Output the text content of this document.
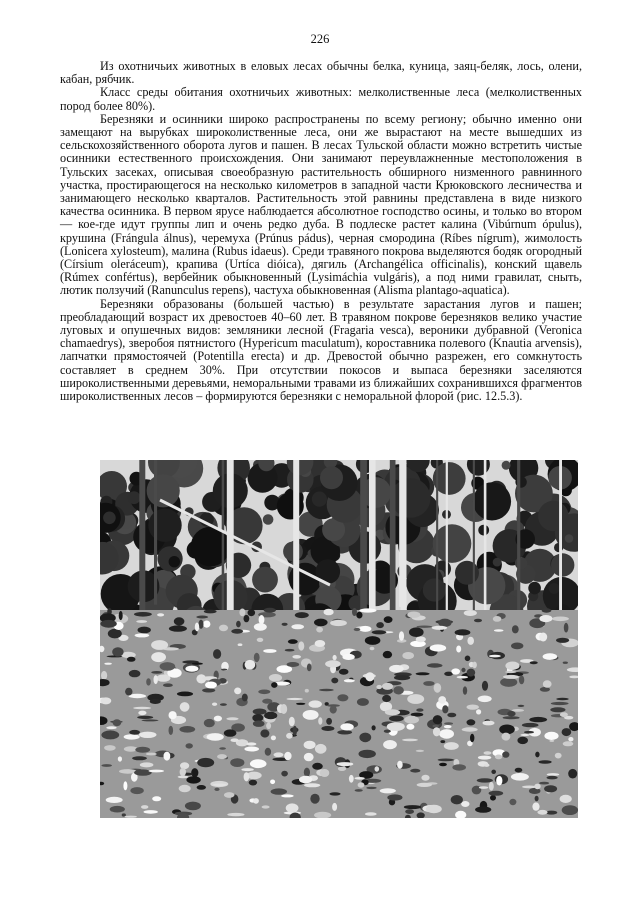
226

Из охотничьих животных в еловых лесах обычны белка, куница, заяц-беляк, лось, олени, кабан, рябчик.

Класс среды обитания охотничьих животных: мелколиственные леса (мелколиственных пород более 80%).

Березняки и осинники широко распространены по всему региону; обычно именно они замещают на вырубках широколиственные леса, они же вырастают на месте вышедших из сельскохозяйственного оборота лугов и пашен. В лесах Тульской области можно встретить чистые осинники естественного происхождения. Они занимают переувлажненные местоположения в Тульских засеках, описывая своеобразную растительность обширного низменного равнинного участка, простирающегося на несколько километров в западной части Крюковского лесничества и занимающего несколько кварталов. Растительность этой равнины представлена в виде низкого качества осинника. В первом ярусе наблюдается абсолютное господство осины, и только во втором — кое-где идут группы лип и очень редко дуба. В подлеске растет калина (Vibúrnum ópulus), крушина (Frángula álnus), черемуха (Prúnus pádus), черная смородина (Ríbes nígrum), жимолость (Lonicera xylosteum), малина (Rubus idaeus). Среди травяного покрова выделяются бодяк огородный (Círsium oleráceum), крапива (Urtíca dióica), дягиль (Archangélica officinalis), конский щавель (Rúmex confértus), вербейник обыкновенный (Lysimáchia vulgáris), а под ними гравилат, сныть, лютик ползучий (Ranunculus repens), частуха обыкновенная (Alisma plantago-aquatica).

Березняки образованы (большей частью) в результате зарастания лугов и пашен; преобладающий возраст их древостоев 40–60 лет. В травяном покрове березняков велико участие луговых и опушечных видов: земляники лесной (Fragaria vesca), вероники дубравной (Veronica chamaedrys), зверобоя пятнистого (Hypericum maculatum), короставника полевого (Knautia arvensis), лапчатки прямостоячей (Potentilla erecta) и др. Древостой обычно разрежен, его сомкнутость составляет в среднем 30%. При отсутствии покосов и выпаса березняки заселяются широколиственными деревьями, неморальными травами из ближайших сохранившихся фрагментов широколиственных лесов – формируются березняки с неморальной флорой (рис. 12.5.3).
